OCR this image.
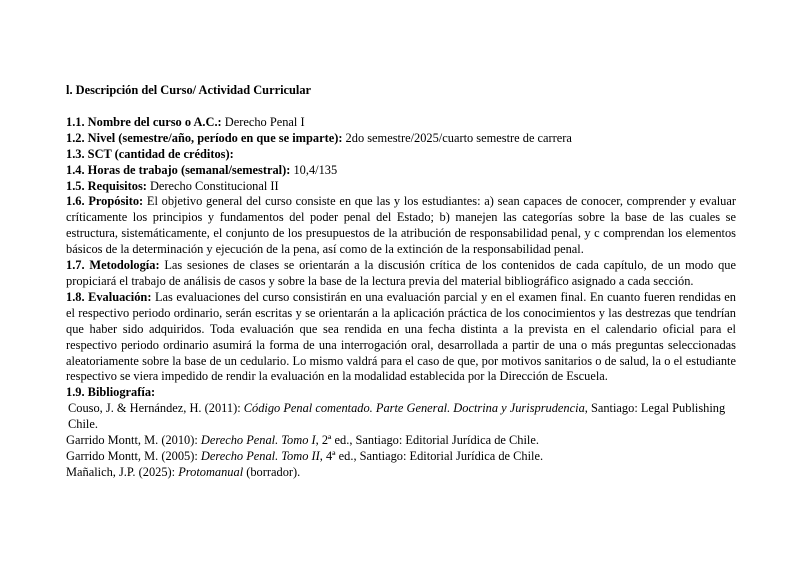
l. Descripción del Curso/ Actividad Curricular

1.1. Nombre del curso o A.C.: Derecho Penal I

1.2. Nivel (semestre/año, período en que se imparte): 2do semestre/2025/cuarto semestre de carrera

1.3. SCT (cantidad de créditos):

1.4. Horas de trabajo (semanal/semestral): 10,4/135

1.5. Requisitos: Derecho Constitucional II

1.6. Propósito: El objetivo general del curso consiste en que las y los estudiantes: a) sean capaces de conocer, comprender y evaluar críticamente los principios y fundamentos del poder penal del Estado; b) manejen las categorías sobre la base de las cuales se estructura, sistemáticamente, el conjunto de los presupuestos de la atribución de responsabilidad penal, y c comprendan los elementos básicos de la determinación y ejecución de la pena, así como de la extinción de la responsabilidad penal.

1.7. Metodología: Las sesiones de clases se orientarán a la discusión crítica de los contenidos de cada capítulo, de un modo que propiciará el trabajo de análisis de casos y sobre la base de la lectura previa del material bibliográfico asignado a cada sección.

1.8. Evaluación: Las evaluaciones del curso consistirán en una evaluación parcial y en el examen final. En cuanto fueren rendidas en el respectivo periodo ordinario, serán escritas y se orientarán a la aplicación práctica de los conocimientos y las destrezas que tendrían que haber sido adquiridos. Toda evaluación que sea rendida en una fecha distinta a la prevista en el calendario oficial para el respectivo periodo ordinario asumirá la forma de una interrogación oral, desarrollada a partir de una o más preguntas seleccionadas aleatoriamente sobre la base de un cedulario. Lo mismo valdrá para el caso de que, por motivos sanitarios o de salud, la o el estudiante respectivo se viera impedido de rendir la evaluación en la modalidad establecida por la Dirección de Escuela.

1.9. Bibliografía:

Couso, J. & Hernández, H. (2011): Código Penal comentado. Parte General. Doctrina y Jurisprudencia, Santiago: Legal Publishing Chile.

Garrido Montt, M. (2010): Derecho Penal. Tomo I, 2ª ed., Santiago: Editorial Jurídica de Chile.

Garrido Montt, M. (2005): Derecho Penal. Tomo II, 4ª ed., Santiago: Editorial Jurídica de Chile.

Mañalich, J.P. (2025): Protomanual (borrador).
